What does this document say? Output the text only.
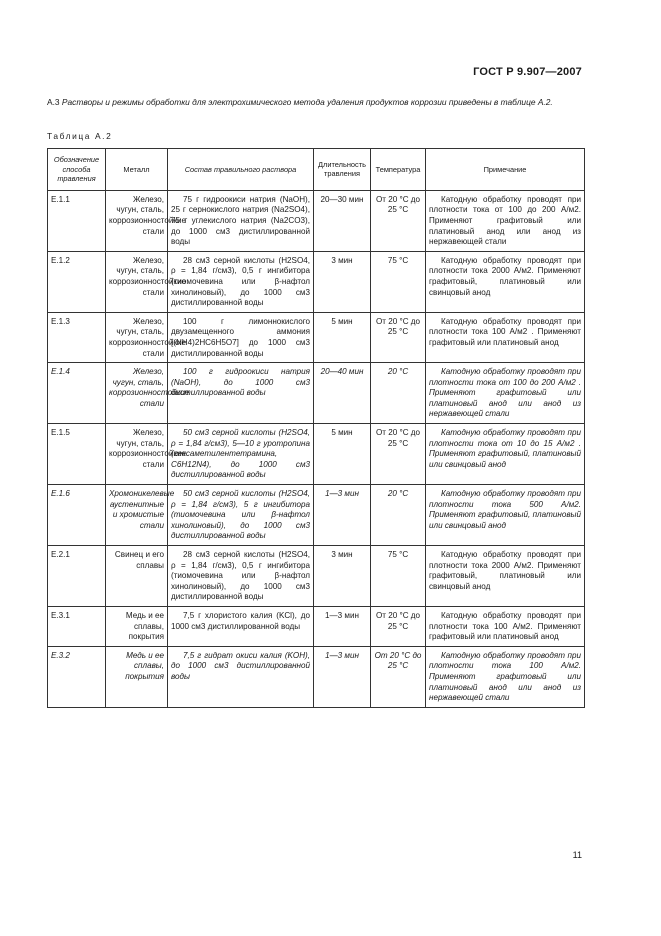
ГОСТ Р 9.907—2007
А.3 Растворы и режимы обработки для электрохимического метода удаления продуктов коррозии приведены в таблице А.2.
Таблица А.2
Обозначение способа травления	Металл	Состав травильного раствора	Длительность травления	Температура	Примечание
Е.1.1	Железо, чугун, сталь, коррозионностойкие стали	75 г гидроокиси натрия (NaOH), 25 г сернокислого натрия (Na2SO4), 75 г углекислого натрия (Na2CO3), до 1000 см3 дистиллированной воды	20—30 мин	От 20 °С до 25 °С	Катодную обработку проводят при плотности тока от 100 до 200 А/м2. Применяют графитовый или платиновый анод или анод из нержавеющей стали
Е.1.2	Железо, чугун, сталь, коррозионностойкие стали	28 см3 серной кислоты (H2SO4, ρ = 1,84 г/см3), 0,5 г ингибитора (тиомочевина или β-нафтол хинолиновый), до 1000 см3 дистиллированной воды	3 мин	75 °С	Катодную обработку проводят при плотности тока 2000 А/м2. Применяют графитовый, платиновый или свинцовый анод
Е.1.3	Железо, чугун, сталь, коррозионностойкие стали	100 г лимоннокислого двузамещенного аммония [(NH4)2HC6H5O7] до 1000 см3 дистиллированной воды	5 мин	От 20 °С до 25 °С	Катодную обработку проводят при плотности тока 100 А/м2 . Применяют графитовый или платиновый анод
Е.1.4	Железо, чугун, сталь, коррозионностойкие стали	100 г гидроокиси натрия (NaOH), до 1000 см3 дистиллированной воды	20—40 мин	20 °С	Катодную обработку проводят при плотности тока от 100 до 200 А/м2 . Применяют графитовый или платиновый анод или анод из нержавеющей стали
Е.1.5	Железо, чугун, сталь, коррозионностойкие стали	50 см3 серной кислоты (H2SO4, ρ = 1,84 г/см3), 5—10 г уротропина (гексаметилентетрамина, C6H12N4), до 1000 см3 дистиллированной воды	5 мин	От 20 °С до 25 °С	Катодную обработку проводят при плотности тока от 10 до 15 А/м2 . Применяют графитовый, платиновый или свинцовый анод
Е.1.6	Хромоникелевые аустенитные и хромистые стали	50 см3 серной кислоты (H2SO4, ρ = 1,84 г/см3), 5 г ингибитора (тиомочевина или β-нафтол хинолиновый), до 1000 см3 дистиллированной воды	1—3 мин	20 °С	Катодную обработку проводят при плотности тока 500 А/м2. Применяют графитовый, платиновый или свинцовый анод
Е.2.1	Свинец и его сплавы	28 см3 серной кислоты (H2SO4, ρ = 1,84 г/см3), 0,5 г ингибитора (тиомочевина или β-нафтол хинолиновый), до 1000 см3 дистиллированной воды	3 мин	75 °С	Катодную обработку проводят при плотности тока 2000 А/м2. Применяют графитовый, платиновый или свинцовый анод
Е.3.1	Медь и ее сплавы, покрытия	7,5 г хлористого калия (KCl), до 1000 см3 дистиллированной воды	1—3 мин	От 20 °С до 25 °С	Катодную обработку проводят при плотности тока 100 А/м2. Применяют графитовый или платиновый анод
Е.3.2	Медь и ее сплавы, покрытия	7,5 г гидрат окиси калия (KOH), до 1000 см3 дистиллированной воды	1—3 мин	От 20 °С до 25 °С	Катодную обработку проводят при плотности тока 100 А/м2. Применяют графитовый или платиновый анод или анод из нержавеющей стали
11
